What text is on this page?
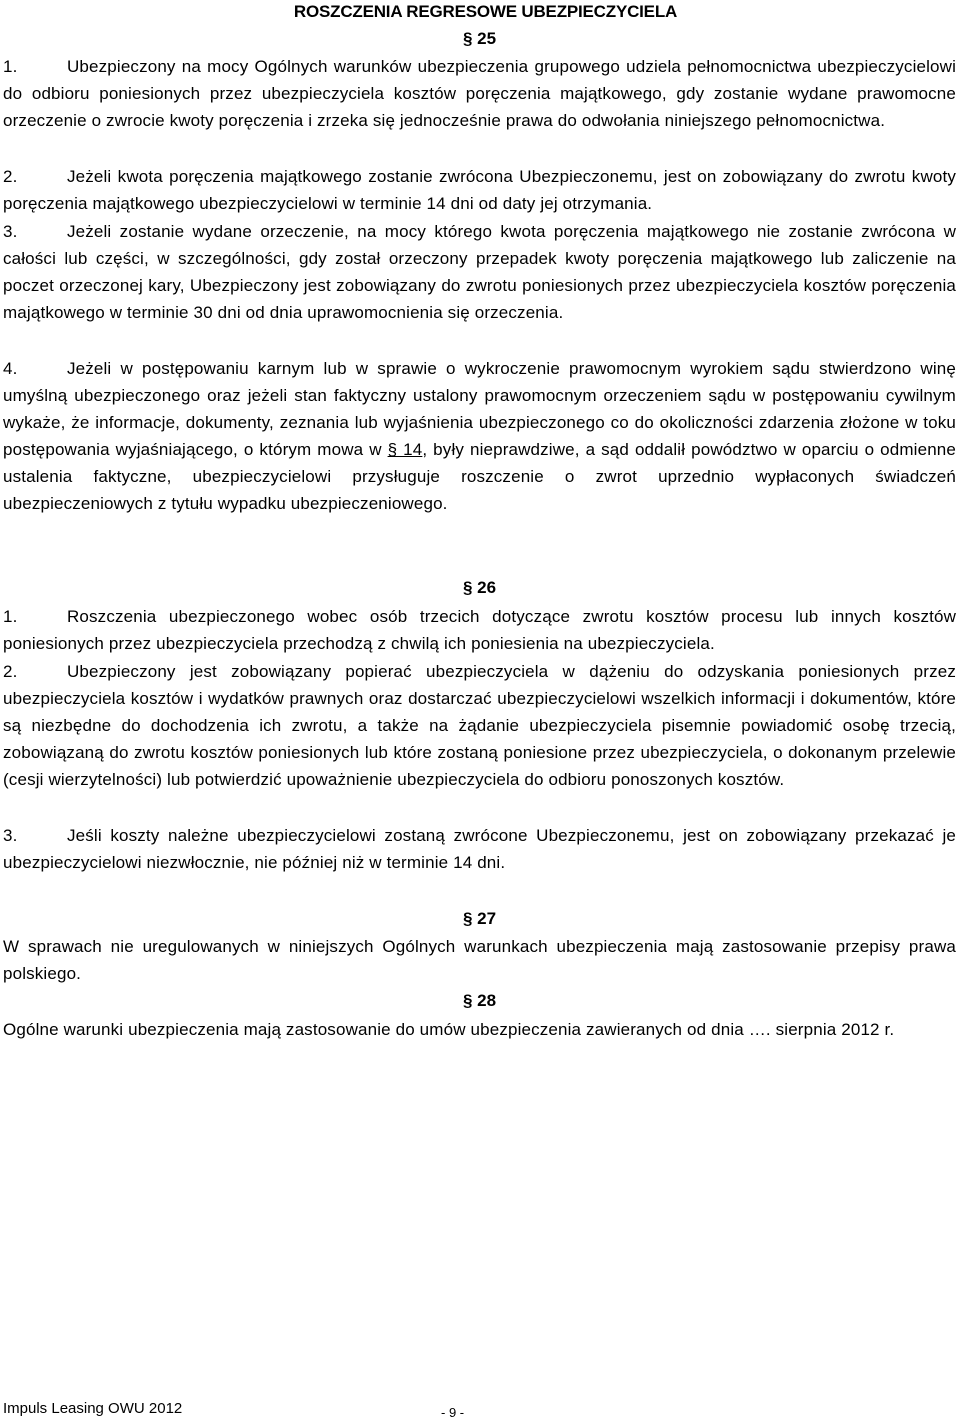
ROSZCZENIA REGRESOWE UBEZPIECZYCIELA
§ 25
1.	Ubezpieczony na mocy Ogólnych warunków ubezpieczenia grupowego udziela pełnomocnictwa ubezpieczycielowi do odbioru poniesionych przez ubezpieczyciela kosztów poręczenia majątkowego, gdy zostanie wydane prawomocne orzeczenie o zwrocie kwoty poręczenia i zrzeka się jednocześnie prawa do odwołania niniejszego pełnomocnictwa.
2.	Jeżeli kwota poręczenia majątkowego zostanie zwrócona Ubezpieczonemu, jest on zobowiązany do zwrotu kwoty poręczenia majątkowego ubezpieczycielowi w terminie 14 dni od daty jej otrzymania.
3.	Jeżeli zostanie wydane orzeczenie, na mocy którego kwota poręczenia majątkowego nie zostanie zwrócona w całości lub części, w szczególności, gdy został orzeczony przepadek kwoty poręczenia majątkowego lub zaliczenie na poczet orzeczonej kary, Ubezpieczony jest zobowiązany do zwrotu poniesionych przez ubezpieczyciela kosztów poręczenia majątkowego w terminie 30 dni od dnia uprawomocnienia się orzeczenia.
4.	Jeżeli w postępowaniu karnym lub w sprawie o wykroczenie prawomocnym wyrokiem sądu stwierdzono winę umyślną ubezpieczonego oraz jeżeli stan faktyczny ustalony prawomocnym orzeczeniem sądu w postępowaniu cywilnym wykaże, że informacje, dokumenty, zeznania lub wyjaśnienia ubezpieczonego co do okoliczności zdarzenia złożone w toku postępowania wyjaśniającego, o którym mowa w § 14, były nieprawdziwe, a sąd oddalił powództwo w oparciu o odmienne ustalenia faktyczne, ubezpieczycielowi przysługuje roszczenie o zwrot uprzednio wypłaconych świadczeń ubezpieczeniowych z tytułu wypadku ubezpieczeniowego.
§ 26
1.	Roszczenia ubezpieczonego wobec osób trzecich dotyczące zwrotu kosztów procesu lub innych kosztów poniesionych przez ubezpieczyciela przechodzą z chwilą ich poniesienia na ubezpieczyciela.
2.	Ubezpieczony jest zobowiązany popierać ubezpieczyciela w dążeniu do odzyskania poniesionych przez ubezpieczyciela kosztów i wydatków prawnych oraz dostarczać ubezpieczycielowi wszelkich informacji i dokumentów, które są niezbędne do dochodzenia ich zwrotu, a także na żądanie ubezpieczyciela pisemnie powiadomić osobę trzecią, zobowiązaną do zwrotu kosztów poniesionych lub które zostaną poniesione przez ubezpieczyciela, o dokonanym przelewie (cesji wierzytelności) lub potwierdzić upoważnienie ubezpieczyciela do odbioru ponoszonych kosztów.
3.	Jeśli koszty należne ubezpieczycielowi zostaną zwrócone Ubezpieczonemu, jest on zobowiązany przekazać je ubezpieczycielowi niezwłocznie, nie później niż w terminie 14 dni.
§ 27
W sprawach nie uregulowanych w niniejszych Ogólnych warunkach ubezpieczenia mają zastosowanie przepisy prawa polskiego.
§ 28
Ogólne warunki ubezpieczenia mają zastosowanie do umów ubezpieczenia zawieranych od dnia …. sierpnia 2012 r.
Impuls Leasing OWU 2012	- 9 -
